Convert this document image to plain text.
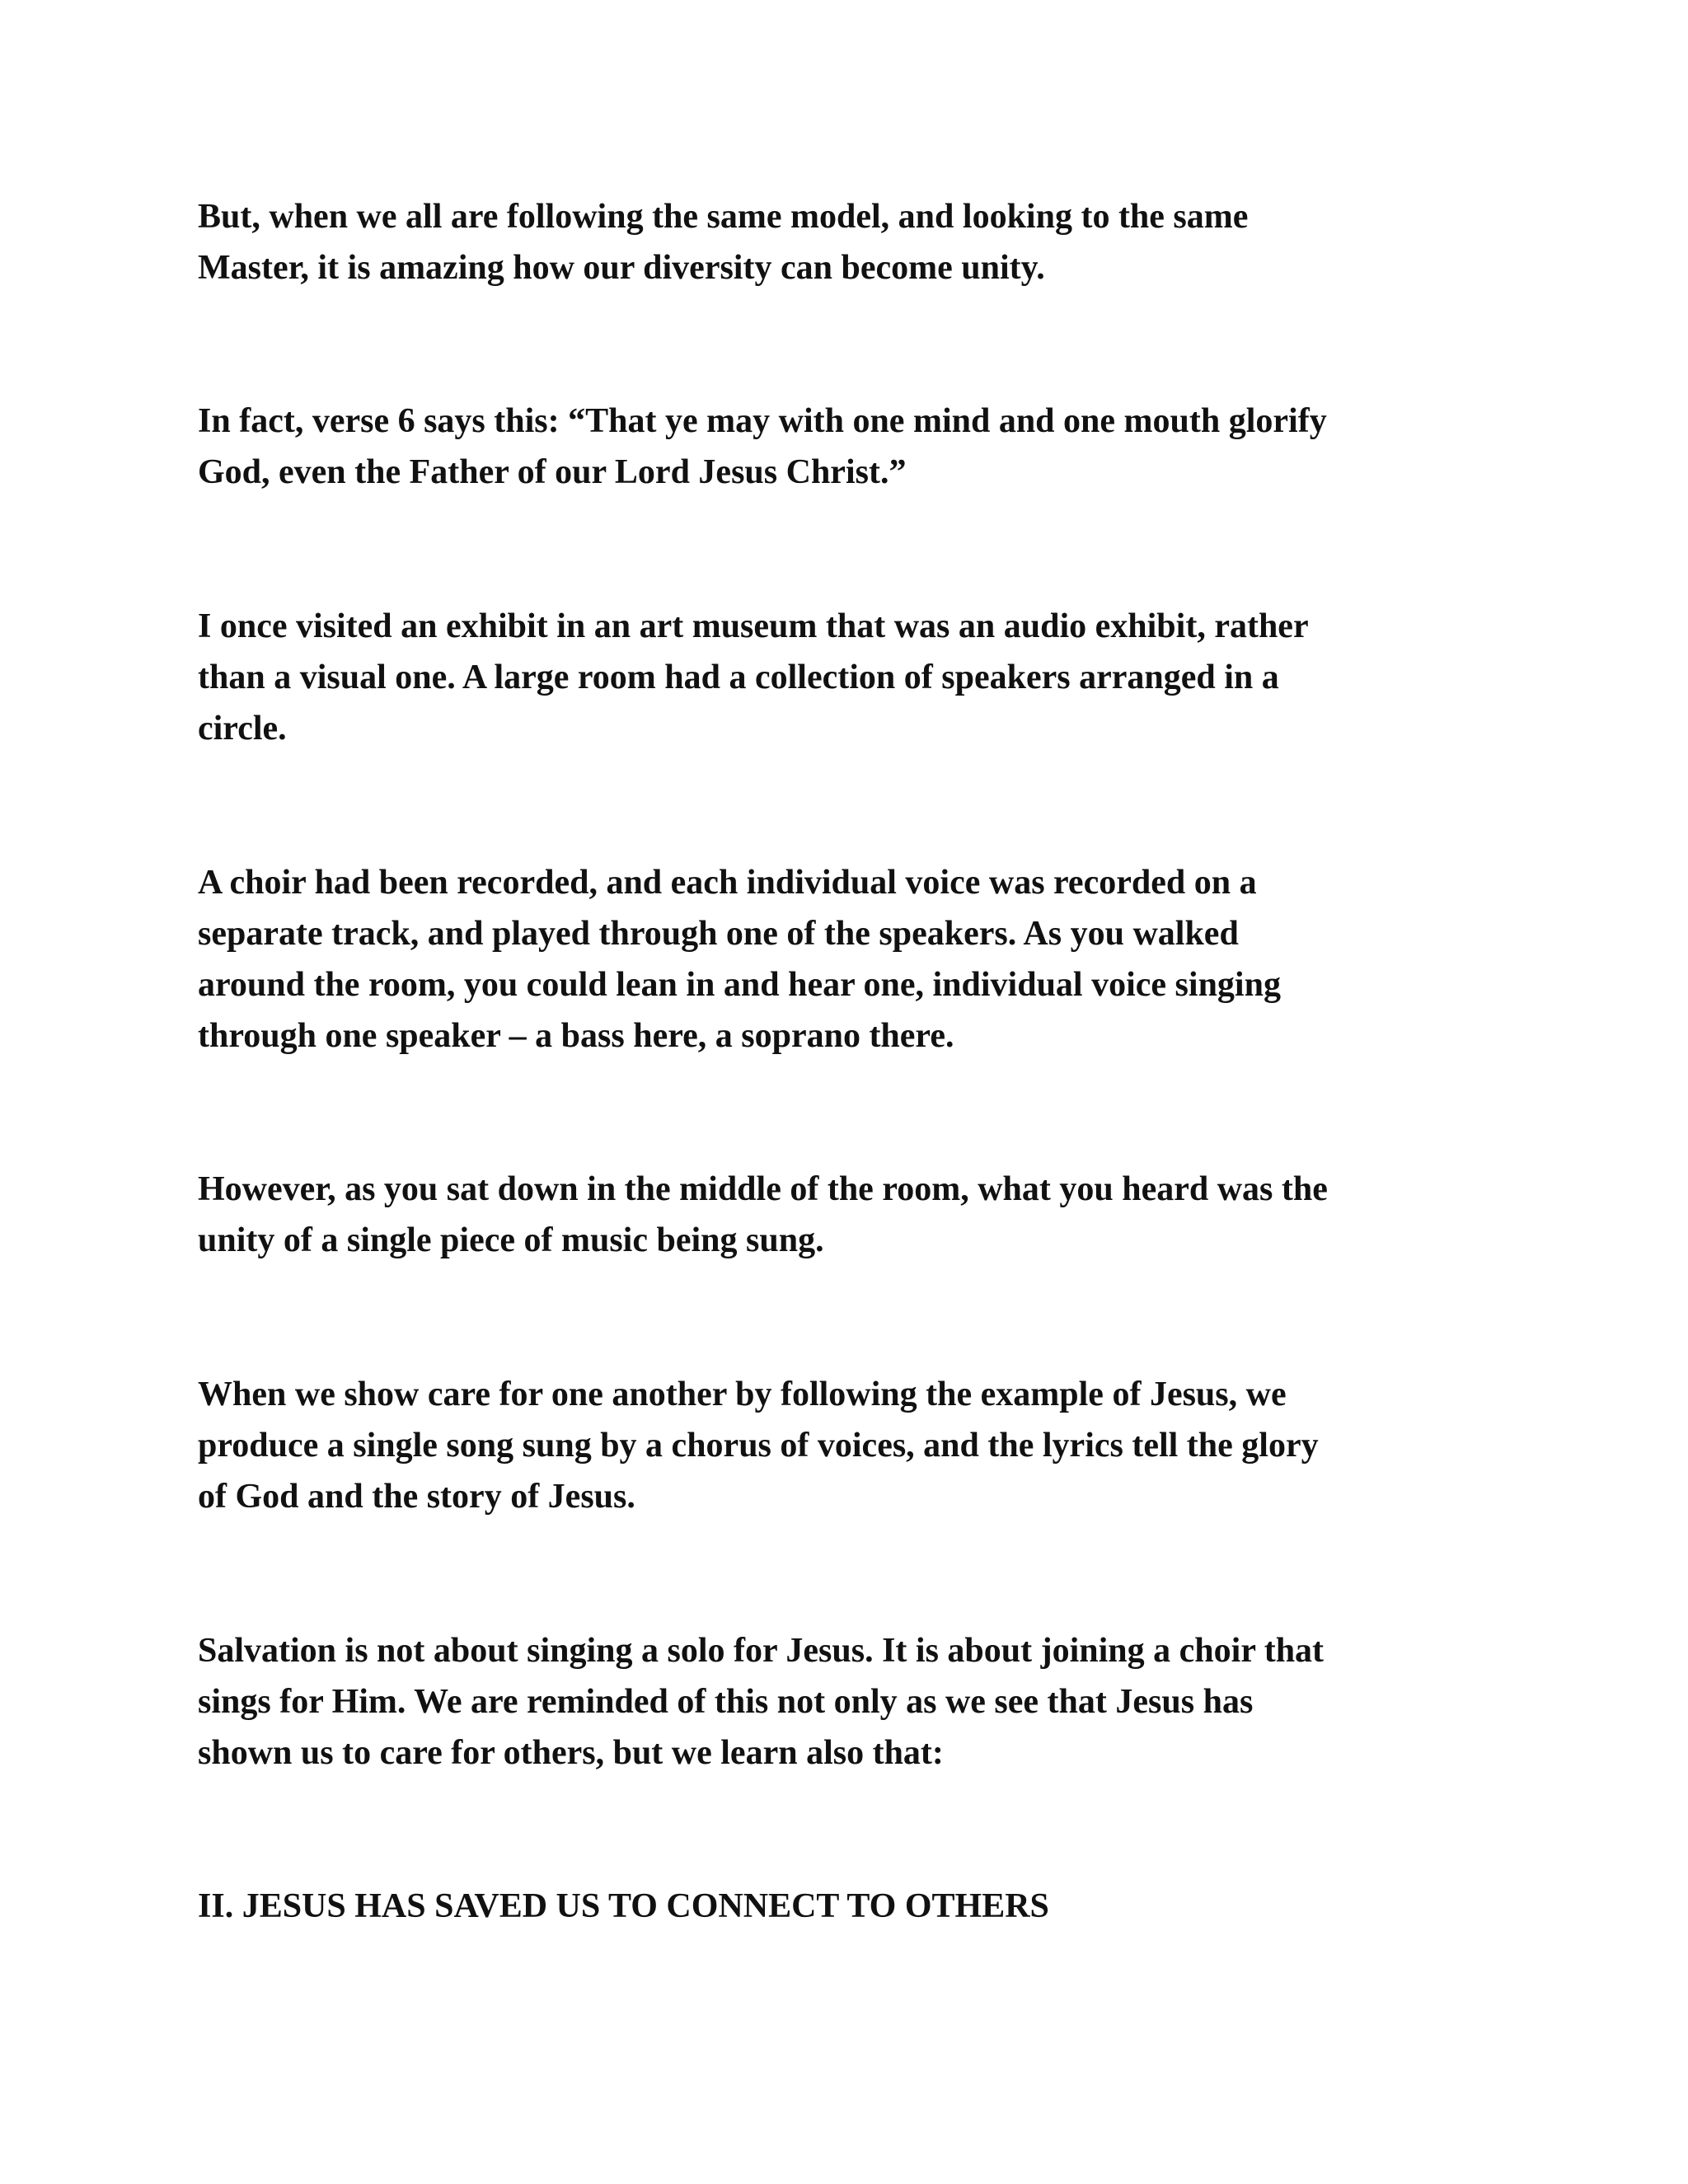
But, when we all are following the same model, and looking to the same
Master, it is amazing how our diversity can become unity.

In fact, verse 6 says this: “That ye may with one mind and one mouth glorify
God, even the Father of our Lord Jesus Christ.”

I once visited an exhibit in an art museum that was an audio exhibit, rather
than a visual one. A large room had a collection of speakers arranged in a
circle.

A choir had been recorded, and each individual voice was recorded on a
separate track, and played through one of the speakers. As you walked
around the room, you could lean in and hear one, individual voice singing
through one speaker – a bass here, a soprano there.

However, as you sat down in the middle of the room, what you heard was the
unity of a single piece of music being sung.

When we show care for one another by following the example of Jesus, we
produce a single song sung by a chorus of voices, and the lyrics tell the glory
of God and the story of Jesus.

Salvation is not about singing a solo for Jesus. It is about joining a choir that
sings for Him. We are reminded of this not only as we see that Jesus has
shown us to care for others, but we learn also that:

II. JESUS HAS SAVED US TO CONNECT TO OTHERS
